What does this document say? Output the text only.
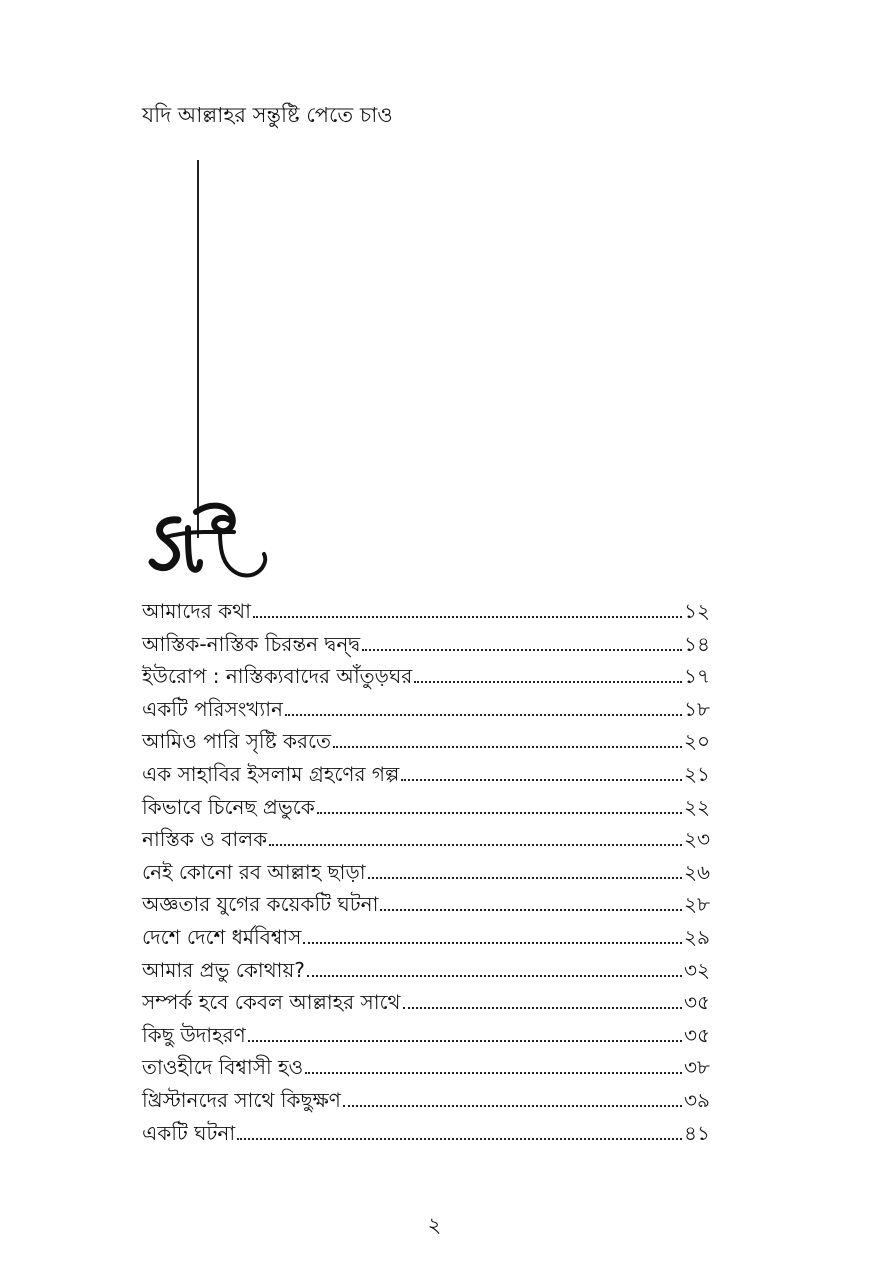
যদি আল্লাহর সন্তুষ্টি পেতে চাও
আমাদের কথা	১২
আস্তিক-নাস্তিক চিরন্তন দ্বন্দ্ব	১৪
ইউরোপ : নাস্তিক্যবাদের আঁতুড়ঘর	১৭
একটি পরিসংখ্যান	১৮
আমিও পারি সৃষ্টি করতে	২০
এক সাহাবির ইসলাম গ্রহণের গল্প	২১
কিভাবে চিনেছ প্রভুকে	২২
নাস্তিক ও বালক	২৩
নেই কোনো রব আল্লাহ ছাড়া	২৬
অজ্ঞতার যুগের কয়েকটি ঘটনা	২৮
দেশে দেশে ধর্মবিশ্বাস	২৯
আমার প্রভু কোথায়?	৩২
সম্পর্ক হবে কেবল আল্লাহর সাথে	৩৫
কিছু উদাহরণ	৩৫
তাওহীদে বিশ্বাসী হও	৩৮
খ্রিস্টানদের সাথে কিছুক্ষণ	৩৯
একটি ঘটনা	৪১
২
